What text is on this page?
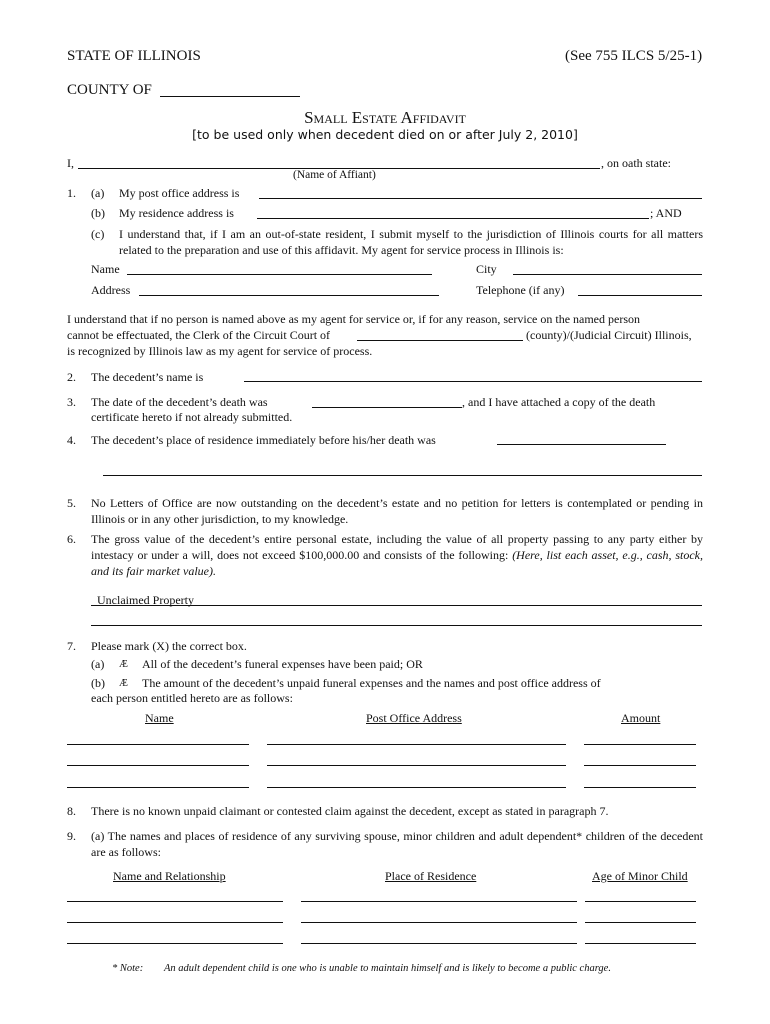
STATE OF ILLINOIS	(See 755 ILCS 5/25-1)
COUNTY OF
Small Estate Affidavit
[to be used only when decedent died on or after July 2, 2010]
I,	, on oath state:
(Name of Affiant)
1. (a) My post office address is
(b) My residence address is	; AND
(c) I understand that, if I am an out-of-state resident, I submit myself to the jurisdiction of Illinois courts for all matters related to the preparation and use of this affidavit. My agent for service process in Illinois is:
Name	City
Address	Telephone (if any)
I understand that if no person is named above as my agent for service or, if for any reason, service on the named person
cannot be effectuated, the Clerk of the Circuit Court of	(county)/(Judicial Circuit) Illinois,
is recognized by Illinois law as my agent for service of process.
2. The decedent’s name is
3. The date of the decedent’s death was	, and I have attached a copy of the death
certificate hereto if not already submitted.
4. The decedent’s place of residence immediately before his/her death was
5. No Letters of Office are now outstanding on the decedent’s estate and no petition for letters is contemplated or pending in Illinois or in any other jurisdiction, to my knowledge.
6. The gross value of the decedent’s entire personal estate, including the value of all property passing to any party either by intestacy or under a will, does not exceed $100,000.00 and consists of the following: (Here, list each asset, e.g., cash, stock, and its fair market value).
Unclaimed Property
7. Please mark (X) the correct box.
(a) Æ All of the decedent’s funeral expenses have been paid; OR
(b) Æ The amount of the decedent’s unpaid funeral expenses and the names and post office address of
each person entitled hereto are as follows:
Name	Post Office Address	Amount
8. There is no known unpaid claimant or contested claim against the decedent, except as stated in paragraph 7.
9. (a) The names and places of residence of any surviving spouse, minor children and adult dependent* children of the decedent are as follows:
Name and Relationship	Place of Residence	Age of Minor Child
* Note: An adult dependent child is one who is unable to maintain himself and is likely to become a public charge.
